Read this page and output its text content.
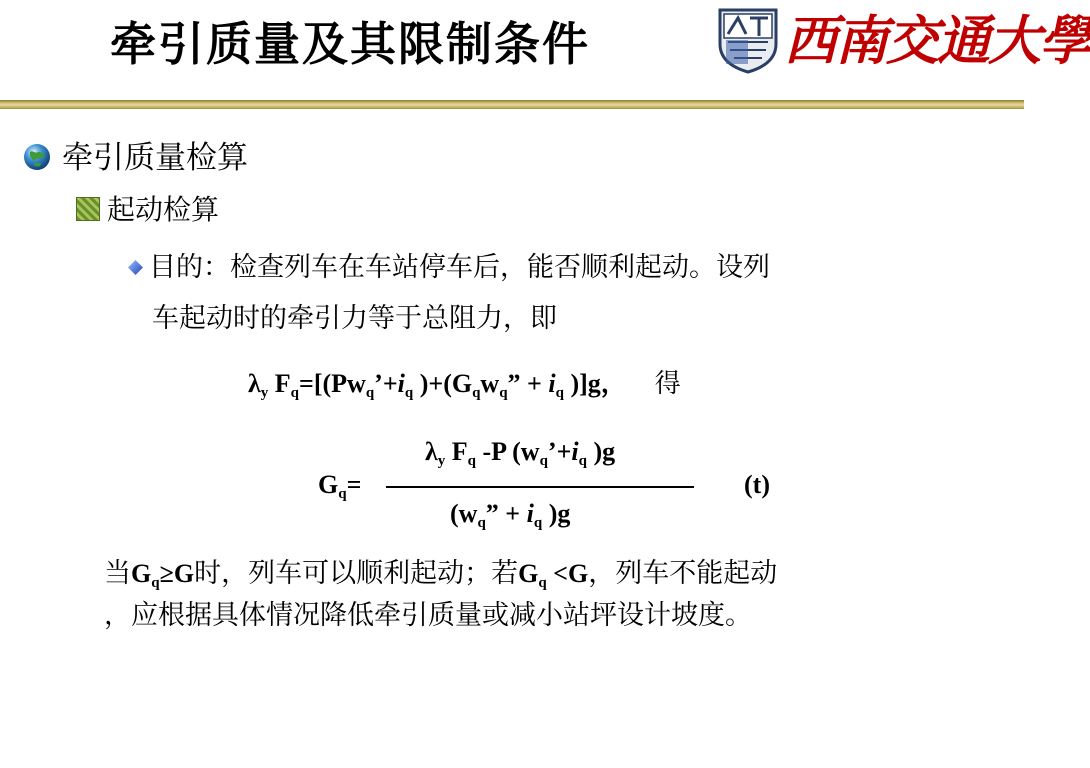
牵引质量及其限制条件	西南交通大學
牵引质量检算
起动检算
目的：检查列车在车站停车后，能否顺利起动。设列
车起动时的牵引力等于总阻力，即
$\lambda_y$ $F_q=[(Pw_q’+i_q$ )$+(G_qw_q$” + $i_q$ )]g， 得
$\lambda_y$ $F_q$ -P ($w_q’+i_q$ )g
$G_q=$
($w_q$” + $i_q$ )g
(t)

当$G_q\ge G$时，列车可以顺利起动；若$G_q <G$，列车不能起动

，应根据具体情况降低牵引质量或减小站坪设计坡度。
